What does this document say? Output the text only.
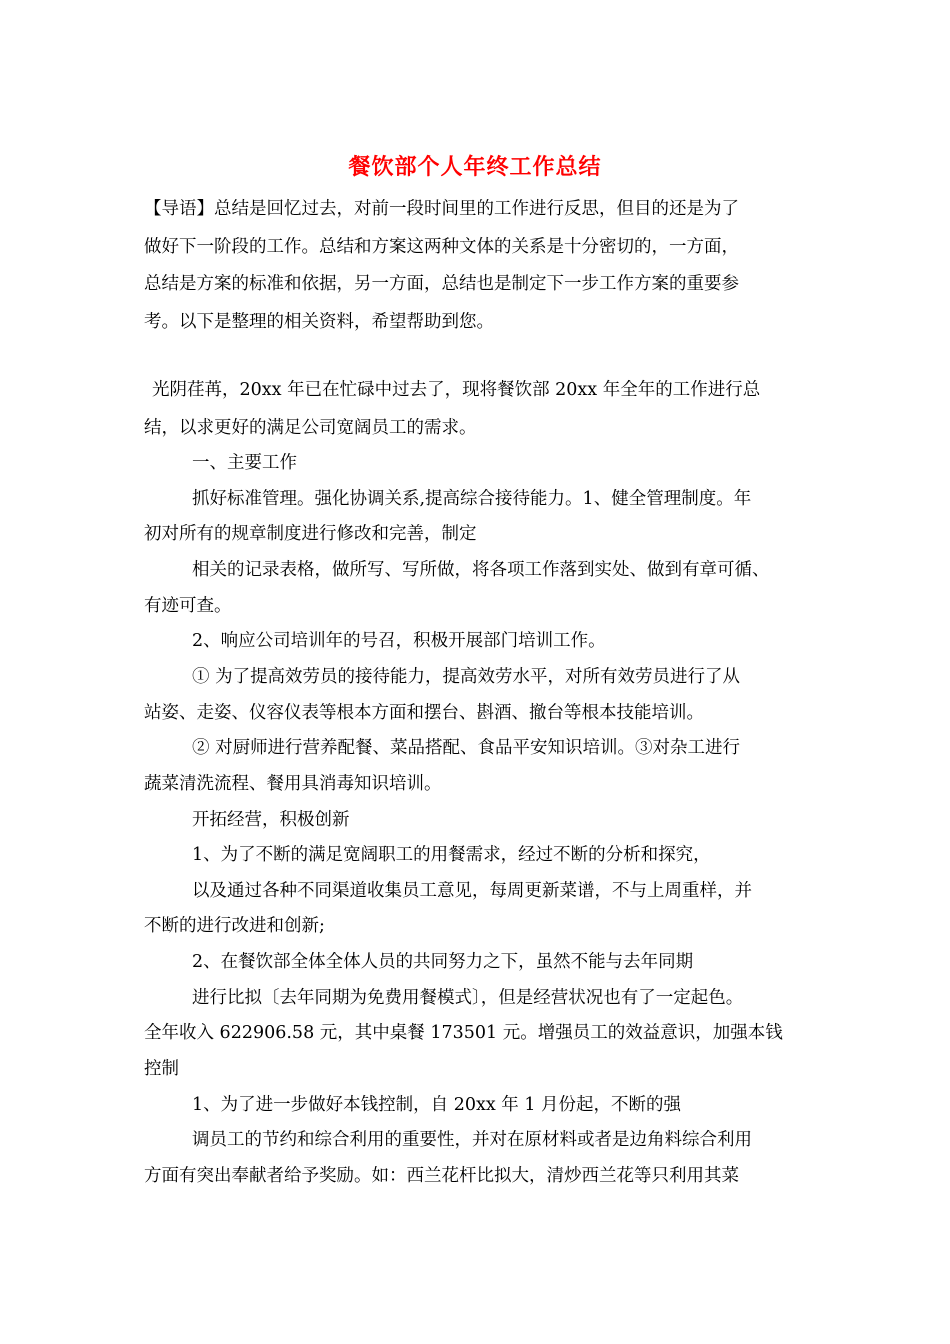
餐饮部个人年终工作总结
【导语】总结是回忆过去，对前一段时间里的工作进行反思，但目的还是为了
做好下一阶段的工作。总结和方案这两种文体的关系是十分密切的，一方面，
总结是方案的标准和依据，另一方面，总结也是制定下一步工作方案的重要参
考。以下是整理的相关资料，希望帮助到您。
光阴荏苒，20xx 年已在忙碌中过去了，现将餐饮部 20xx 年全年的工作进行总
结，以求更好的满足公司宽阔员工的需求。
一、主要工作
抓好标准管理。强化协调关系,提高综合接待能力。1、健全管理制度。年
初对所有的规章制度进行修改和完善，制定
相关的记录表格，做所写、写所做，将各项工作落到实处、做到有章可循、
有迹可查。
2、响应公司培训年的号召，积极开展部门培训工作。
① 为了提高效劳员的接待能力，提高效劳水平，对所有效劳员进行了从
站姿、走姿、仪容仪表等根本方面和摆台、斟酒、撤台等根本技能培训。
② 对厨师进行营养配餐、菜品搭配、食品平安知识培训。③对杂工进行
蔬菜清洗流程、餐用具消毒知识培训。
开拓经营，积极创新
1、为了不断的满足宽阔职工的用餐需求，经过不断的分析和探究，
以及通过各种不同渠道收集员工意见，每周更新菜谱，不与上周重样，并
不断的进行改进和创新;
2、在餐饮部全体全体人员的共同努力之下，虽然不能与去年同期
进行比拟〔去年同期为免费用餐模式〕，但是经营状况也有了一定起色。
全年收入 622906.58 元，其中桌餐 173501 元。增强员工的效益意识，加强本钱
控制
1、为了进一步做好本钱控制，自 20xx 年 1 月份起，不断的强
调员工的节约和综合利用的重要性，并对在原材料或者是边角料综合利用
方面有突出奉献者给予奖励。如：西兰花杆比拟大，清炒西兰花等只利用其菜
